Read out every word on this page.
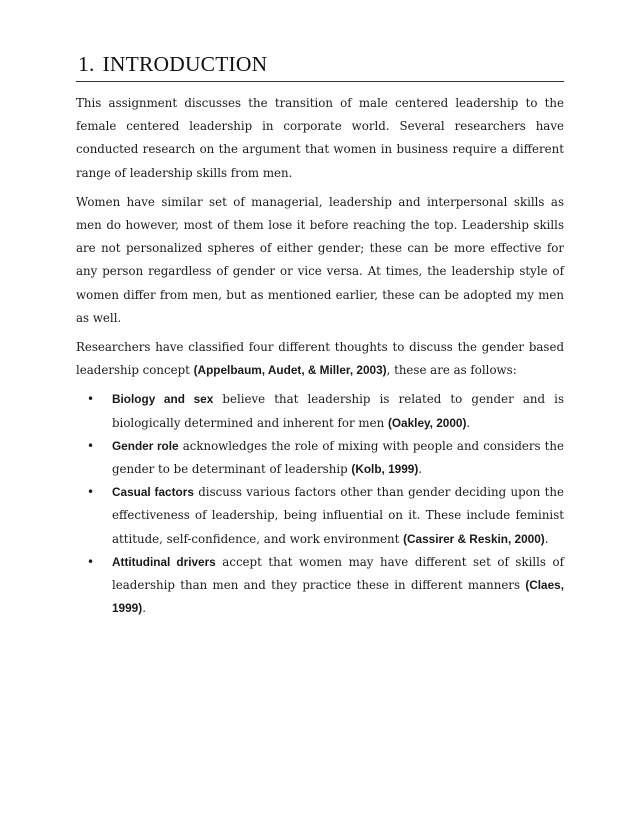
1. INTRODUCTION

This assignment discusses the transition of male centered leadership to the female centered leadership in corporate world. Several researchers have conducted research on the argument that women in business require a different range of leadership skills from men.

Women have similar set of managerial, leadership and interpersonal skills as men do however, most of them lose it before reaching the top. Leadership skills are not personalized spheres of either gender; these can be more effective for any person regardless of gender or vice versa. At times, the leadership style of women differ from men, but as mentioned earlier, these can be adopted my men as well.

Researchers have classified four different thoughts to discuss the gender based leadership concept (Appelbaum, Audet, & Miller, 2003), these are as follows:

• Biology and sex believe that leadership is related to gender and is biologically determined and inherent for men (Oakley, 2000).
• Gender role acknowledges the role of mixing with people and considers the gender to be determinant of leadership (Kolb, 1999).
• Casual factors discuss various factors other than gender deciding upon the effectiveness of leadership, being influential on it. These include feminist attitude, self-confidence, and work environment (Cassirer & Reskin, 2000).
• Attitudinal drivers accept that women may have different set of skills of leadership than men and they practice these in different manners (Claes, 1999).
